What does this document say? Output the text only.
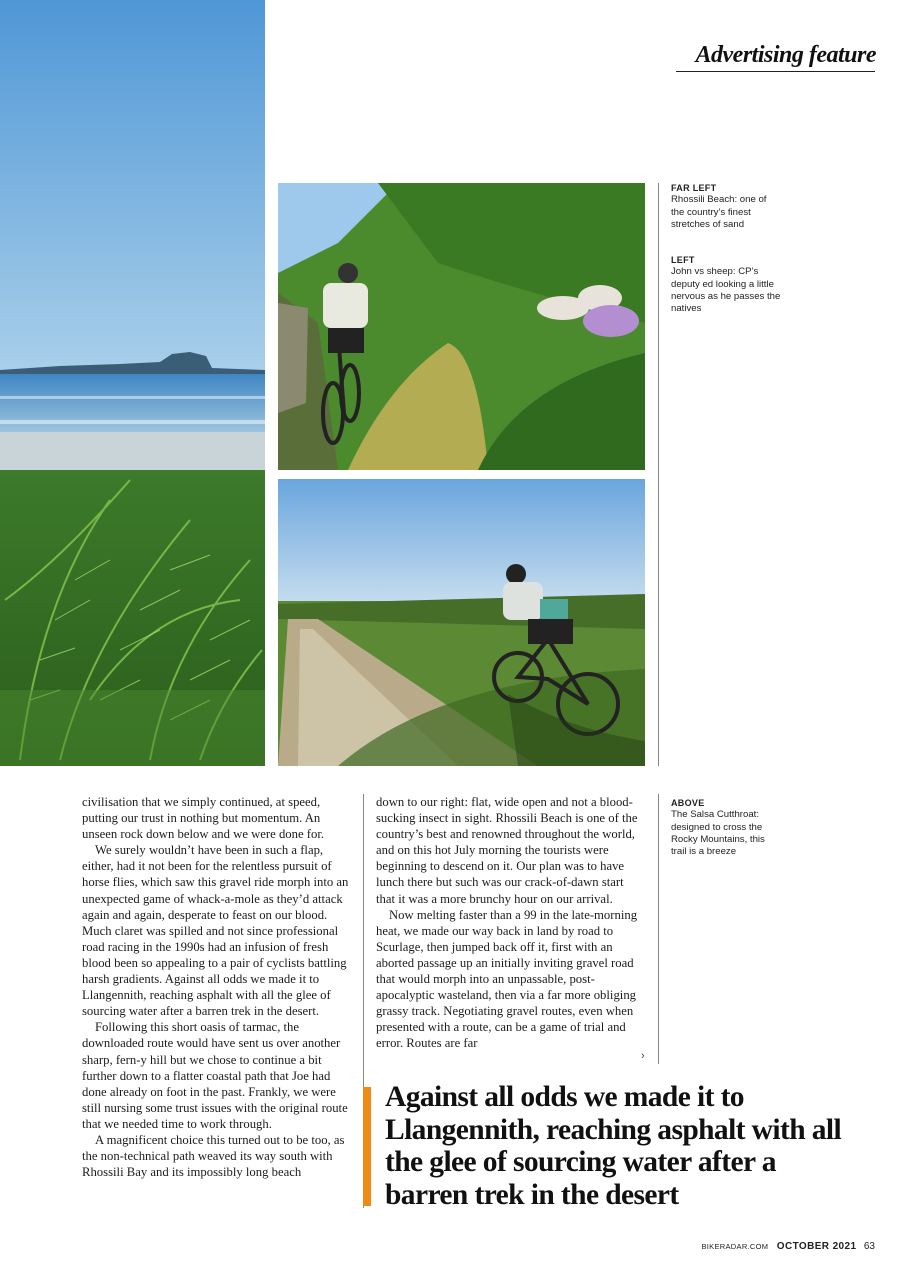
Advertising feature
FAR LEFT
Rhossili Beach: one of the country’s finest stretches of sand
LEFT
John vs sheep: CP’s deputy ed looking a little nervous as he passes the natives
ABOVE
The Salsa Cutthroat: designed to cross the Rocky Mountains, this trail is a breeze

civilisation that we simply continued, at speed, putting our trust in nothing but momentum. An unseen rock down below and we were done for.

We surely wouldn’t have been in such a flap, either, had it not been for the relentless pursuit of horse flies, which saw this gravel ride morph into an unexpected game of whack-a-mole as they’d attack again and again, desperate to feast on our blood. Much claret was spilled and not since professional road racing in the 1990s had an infusion of fresh blood been so appealing to a pair of cyclists battling harsh gradients. Against all odds we made it to Llangennith, reaching asphalt with all the glee of sourcing water after a barren trek in the desert.

Following this short oasis of tarmac, the downloaded route would have sent us over another sharp, fern-y hill but we chose to continue a bit further down to a flatter coastal path that Joe had done already on foot in the past. Frankly, we were still nursing some trust issues with the original route that we needed time to work through.

A magnificent choice this turned out to be too, as the non-technical path weaved its way south with Rhossili Bay and its impossibly long beach

down to our right: flat, wide open and not a blood-sucking insect in sight. Rhossili Beach is one of the country’s best and renowned throughout the world, and on this hot July morning the tourists were beginning to descend on it. Our plan was to have lunch there but such was our crack-of-dawn start that it was a more brunchy hour on our arrival.

Now melting faster than a 99 in the late-morning heat, we made our way back in land by road to Scurlage, then jumped back off it, first with an aborted passage up an initially inviting gravel road that would morph into an unpassable, post-apocalyptic wasteland, then via a far more obliging grassy track. Negotiating gravel routes, even when presented with a route, can be a game of trial and error. Routes are far

›
Against all odds we made it to Llangennith, reaching asphalt with all the glee of sourcing water after a barren trek in the desert
BIKERADAR.COM OCTOBER 2021 63
